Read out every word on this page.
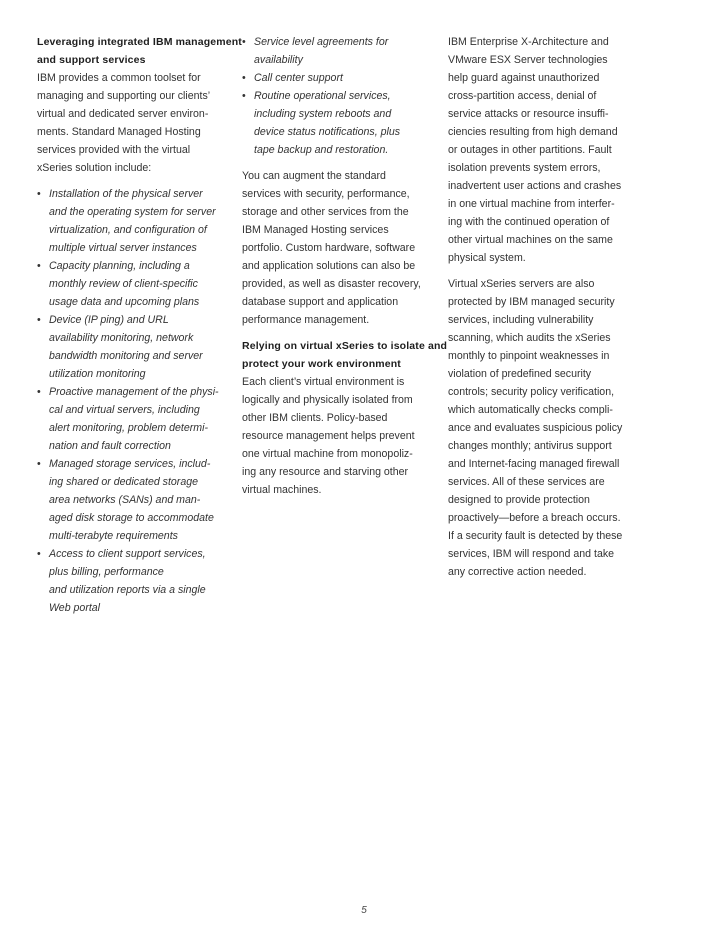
Leveraging integrated IBM management
and support services
IBM provides a common toolset for
managing and supporting our clients’
virtual and dedicated server environ-
ments. Standard Managed Hosting
services provided with the virtual
xSeries solution include:
• Installation of the physical server
and the operating system for server
virtualization, and configuration of
multiple virtual server instances
• Capacity planning, including a
monthly review of client-specific
usage data and upcoming plans
• Device (IP ping) and URL
availability monitoring, network
bandwidth monitoring and server
utilization monitoring
• Proactive management of the physi-
cal and virtual servers, including
alert monitoring, problem determi-
nation and fault correction
• Managed storage services, includ-
ing shared or dedicated storage
area networks (SANs) and man-
aged disk storage to accommodate
multi-terabyte requirements
• Access to client support services,
plus billing, performance
and utilization reports via a single
Web portal
• Service level agreements for
availability
• Call center support
• Routine operational services,
including system reboots and
device status notifications, plus
tape backup and restoration.
You can augment the standard
services with security, performance,
storage and other services from the
IBM Managed Hosting services
portfolio. Custom hardware, software
and application solutions can also be
provided, as well as disaster recovery,
database support and application
performance management.
Relying on virtual xSeries to isolate and
protect your work environment
Each client’s virtual environment is
logically and physically isolated from
other IBM clients. Policy-based
resource management helps prevent
one virtual machine from monopoliz-
ing any resource and starving other
virtual machines.
IBM Enterprise X-Architecture and
VMware ESX Server technologies
help guard against unauthorized
cross-partition access, denial of
service attacks or resource insuffi-
ciencies resulting from high demand
or outages in other partitions. Fault
isolation prevents system errors,
inadvertent user actions and crashes
in one virtual machine from interfer-
ing with the continued operation of
other virtual machines on the same
physical system.
Virtual xSeries servers are also
protected by IBM managed security
services, including vulnerability
scanning, which audits the xSeries
monthly to pinpoint weaknesses in
violation of predefined security
controls; security policy verification,
which automatically checks compli-
ance and evaluates suspicious policy
changes monthly; antivirus support
and Internet-facing managed firewall
services. All of these services are
designed to provide protection
proactively—before a breach occurs.
If a security fault is detected by these
services, IBM will respond and take
any corrective action needed.
5
